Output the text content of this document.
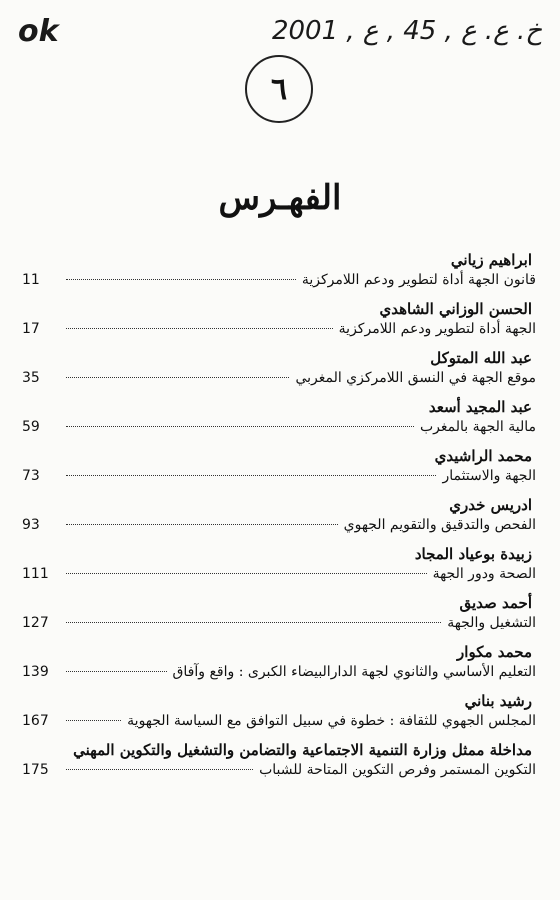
ok	خ. ع. ع , 45 , ع , 2001
٦
الفهـرس
ابراهيم زياني
قانون الجهة أداة لتطوير ودعم اللامركزية
11
الحسن الوزاني الشاهدي
الجهة أداة لتطوير ودعم اللامركزية
17
عبد الله المتوكل
موقع الجهة في النسق اللامركزي المغربي
35
عبد المجيد أسعد
مالية الجهة بالمغرب
59
محمد الراشيدي
الجهة والاستثمار
73
ادريس خدري
الفحص والتدقيق والتقويم الجهوي
93
زبيدة بوعياد المجاد
الصحة ودور الجهة
111
أحمد صديق
التشغيل والجهة
127
محمد مكوار
التعليم الأساسي والثانوي لجهة الدارالبيضاء الكبرى : واقع وآفاق
139
رشيد بناني
المجلس الجهوي للثقافة : خطوة في سبيل التوافق مع السياسة الجهوية
167
مداخلة ممثل وزارة التنمية الاجتماعية والتضامن والتشغيل والتكوين المهني
التكوين المستمر وفرص التكوين المتاحة للشباب
175
